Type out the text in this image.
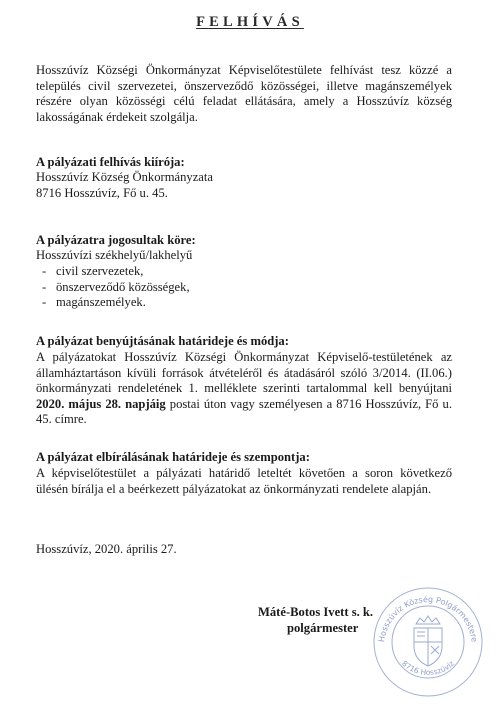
FELHÍVÁS
Hosszúvíz Községi Önkormányzat Képviselőtestülete felhívást tesz közzé a
település civil szervezetei, önszerveződő közösségei, illetve magánszemélyek
részére olyan közösségi célú feladat ellátására, amely a Hosszúvíz község
lakosságának érdekeit szolgálja.
A pályázati felhívás kiírója:
Hosszúvíz Község Önkormányzata
8716 Hosszúvíz, Fő u. 45.
A pályázatra jogosultak köre:
Hosszúvízi székhelyű/lakhelyű
- civil szervezetek,
- önszerveződő közösségek,
- magánszemélyek.
A pályázat benyújtásának határideje és módja:
A pályázatokat Hosszúvíz Községi Önkormányzat Képviselő-testületének az
államháztartáson kívüli források átvételéről és átadásáról szóló 3/2014. (II.06.)
önkormányzati rendeletének 1. melléklete szerinti tartalommal kell benyújtani
2020. május 28. napjáig postai úton vagy személyesen a 8716 Hosszúvíz, Fő u.
45. címre.
A pályázat elbírálásának határideje és szempontja:
A képviselőtestület a pályázati határidő leteltét követően a soron következő
ülésén bírálja el a beérkezett pályázatokat az önkormányzati rendelete alapján.
Hosszúvíz, 2020. április 27.
Máté-Botos Ivett s. k.
polgármester
Hosszúvíz Község Polgármestere
8716 Hosszúvíz
